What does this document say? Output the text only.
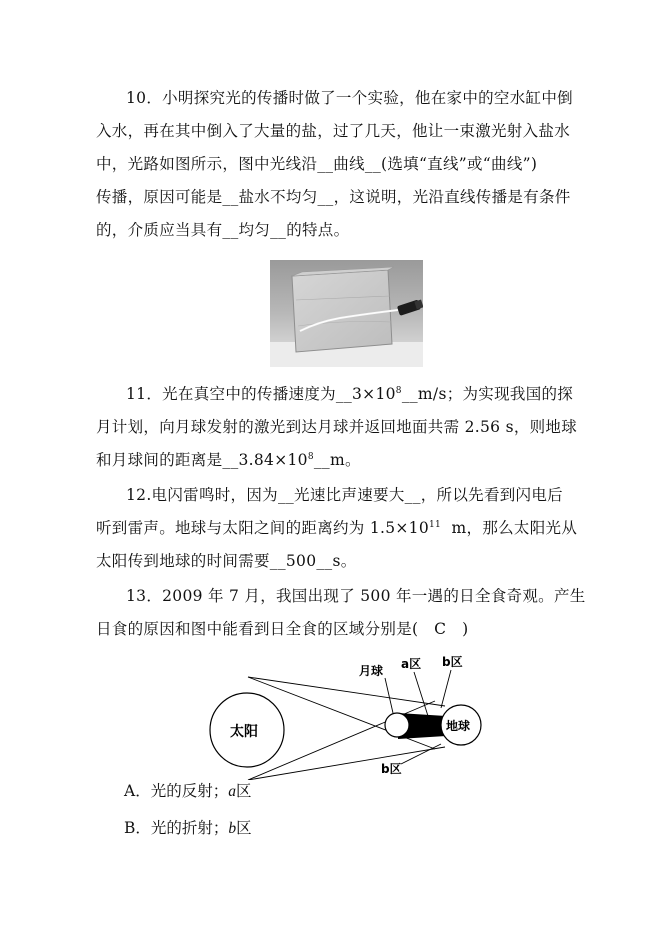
10．小明探究光的传播时做了一个实验，他在家中的空水缸中倒
入水，再在其中倒入了大量的盐，过了几天，他让一束激光射入盐水
中，光路如图所示，图中光线沿__曲线__(选填“直线”或“曲线”)
传播，原因可能是__盐水不均匀__，这说明，光沿直线传播是有条件
的，介质应当具有__均匀__的特点。
11．光在真空中的传播速度为$\_\_3\times 10^8\_\_m/s$；为实现我国的探
月计划，向月球发射的激光到达月球并返回地面共需 2.56 s，则地球
和月球间的距离是$\_\_3.84\times 10^8\_\_m$。
12.电闪雷鸣时，因为__光速比声速要大__，所以先看到闪电后
听到雷声。地球与太阳之间的距离约为 $1.5\times 10^{11}$  m，那么太阳光从
太阳传到地球的时间需要__500__s。
13．2009 年 7 月，我国出现了 500 年一遇的日全食奇观。产生
日食的原因和图中能看到日全食的区域分别是(　C　)
太阳	地球
月球 a区 b区
b区
A．光的反射；a区
B．光的折射；b区
